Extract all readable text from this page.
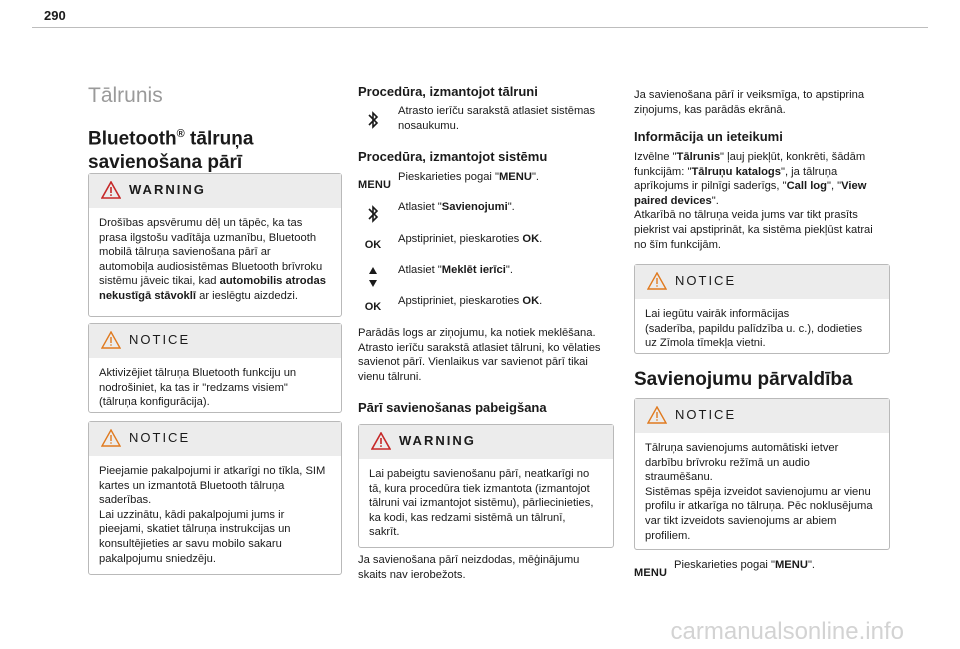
290
Tālrunis
Bluetooth® tālruņa
savienošana pārī
WARNING
Drošības apsvērumu dēļ un tāpēc, ka tas
prasa ilgstošu vadītāja uzmanību, Bluetooth
mobilā tālruņa savienošana pārī ar
automobiļa audiosistēmas Bluetooth brīvroku
sistēmu jāveic tikai, kad automobilis atrodas
nekustīgā stāvoklī ar ieslēgtu aizdedzi.
NOTICE
Aktivizējiet tālruņa Bluetooth funkciju un
nodrošiniet, ka tas ir "redzams visiem"
(tālruņa konfigurācija).
NOTICE
Pieejamie pakalpojumi ir atkarīgi no tīkla, SIM
kartes un izmantotā Bluetooth tālruņa
saderības.
Lai uzzinātu, kādi pakalpojumi jums ir
pieejami, skatiet tālruņa instrukcijas un
konsultējieties ar savu mobilo sakaru
pakalpojumu sniedzēju.
Procedūra, izmantojot tālruni
Atrasto ierīču sarakstā atlasiet sistēmas
nosaukumu.
Procedūra, izmantojot sistēmu
MENU
Pieskarieties pogai "MENU".
Atlasiet "Savienojumi".
OK	Apstipriniet, pieskaroties OK.
Atlasiet "Meklēt ierīci".
OK	Apstipriniet, pieskaroties OK.
Parādās logs ar ziņojumu, ka notiek meklēšana.
Atrasto ierīču sarakstā atlasiet tālruni, ko vēlaties
savienot pārī. Vienlaikus var savienot pārī tikai
vienu tālruni.
Pārī savienošanas pabeigšana
WARNING
Lai pabeigtu savienošanu pārī, neatkarīgi no
tā, kura procedūra tiek izmantota (izmantojot
tālruni vai izmantojot sistēmu), pārliecinieties,
ka kodi, kas redzami sistēmā un tālrunī,
sakrīt.
Ja savienošana pārī neizdodas, mēģinājumu
skaits nav ierobežots.
Ja savienošana pārī ir veiksmīga, to apstiprina
ziņojums, kas parādās ekrānā.
Informācija un ieteikumi
Izvēlne "Tālrunis" ļauj piekļūt, konkrēti, šādām
funkcijām: "Tālruņu katalogs", ja tālruņa
aprīkojums ir pilnīgi saderīgs, "Call log", "View
paired devices".
Atkarībā no tālruņa veida jums var tikt prasīts
piekrist vai apstiprināt, ka sistēma piekļūst katrai
no šīm funkcijām.
NOTICE
Lai iegūtu vairāk informācijas
(saderība, papildu palīdzība u. c.), dodieties
uz Zīmola tīmekļa vietni.
Savienojumu pārvaldība
NOTICE
Tālruņa savienojums automātiski ietver
darbību brīvroku režīmā un audio
straumēšanu.
Sistēmas spēja izveidot savienojumu ar vienu
profilu ir atkarīga no tālruņa. Pēc noklusējuma
var tikt izveidots savienojums ar abiem
profiliem.
MENU
Pieskarieties pogai "MENU".
carmanualsonline.info
